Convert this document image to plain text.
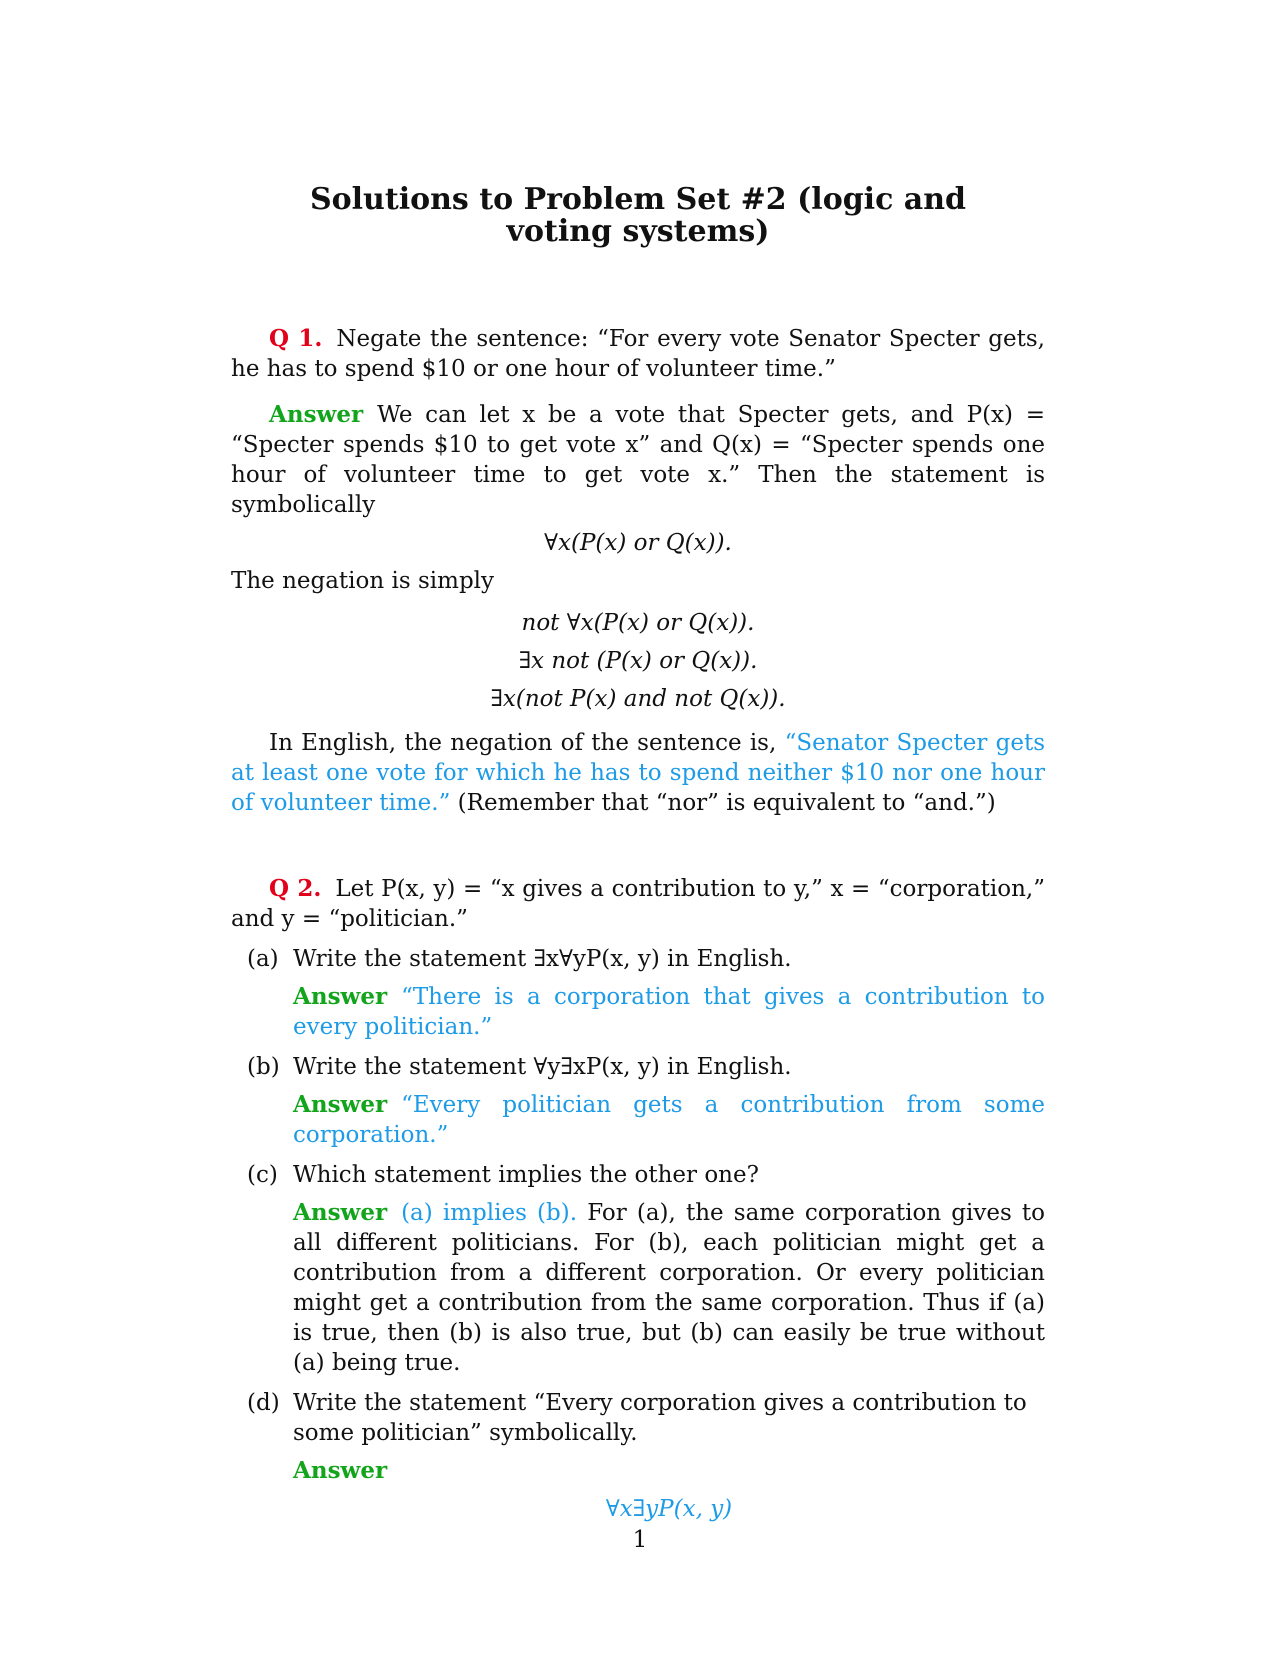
Solutions to Problem Set #2 (logic and voting systems)

Q 1. Negate the sentence: “For every vote Senator Specter gets, he has to spend $10 or one hour of volunteer time.”

Answer We can let x be a vote that Specter gets, and P(x) = “Specter spends $10 to get vote x” and Q(x) = “Specter spends one hour of volunteer time to get vote x.” Then the statement is symbolically

∀x(P(x) or Q(x)).

The negation is simply

not ∀x(P(x) or Q(x)).
∃x not (P(x) or Q(x)).
∃x(not P(x) and not Q(x)).

In English, the negation of the sentence is, “Senator Specter gets at least one vote for which he has to spend neither $10 nor one hour of volunteer time.” (Remember that “nor” is equivalent to “and.”)

Q 2. Let P(x, y) = “x gives a contribution to y,” x = “corporation,” and y = “politician.”

(a) Write the statement ∃x∀yP(x, y) in English.
Answer “There is a corporation that gives a contribution to every politician.”
(b) Write the statement ∀y∃xP(x, y) in English.
Answer “Every politician gets a contribution from some corporation.”
(c) Which statement implies the other one?
Answer (a) implies (b). For (a), the same corporation gives to all different politicians. For (b), each politician might get a contribution from a different corporation. Or every politician might get a contribution from the same corporation. Thus if (a) is true, then (b) is also true, but (b) can easily be true without (a) being true.
(d) Write the statement “Every corporation gives a contribution to some politician” symbolically.
Answer
∀x∃yP(x, y)
1
